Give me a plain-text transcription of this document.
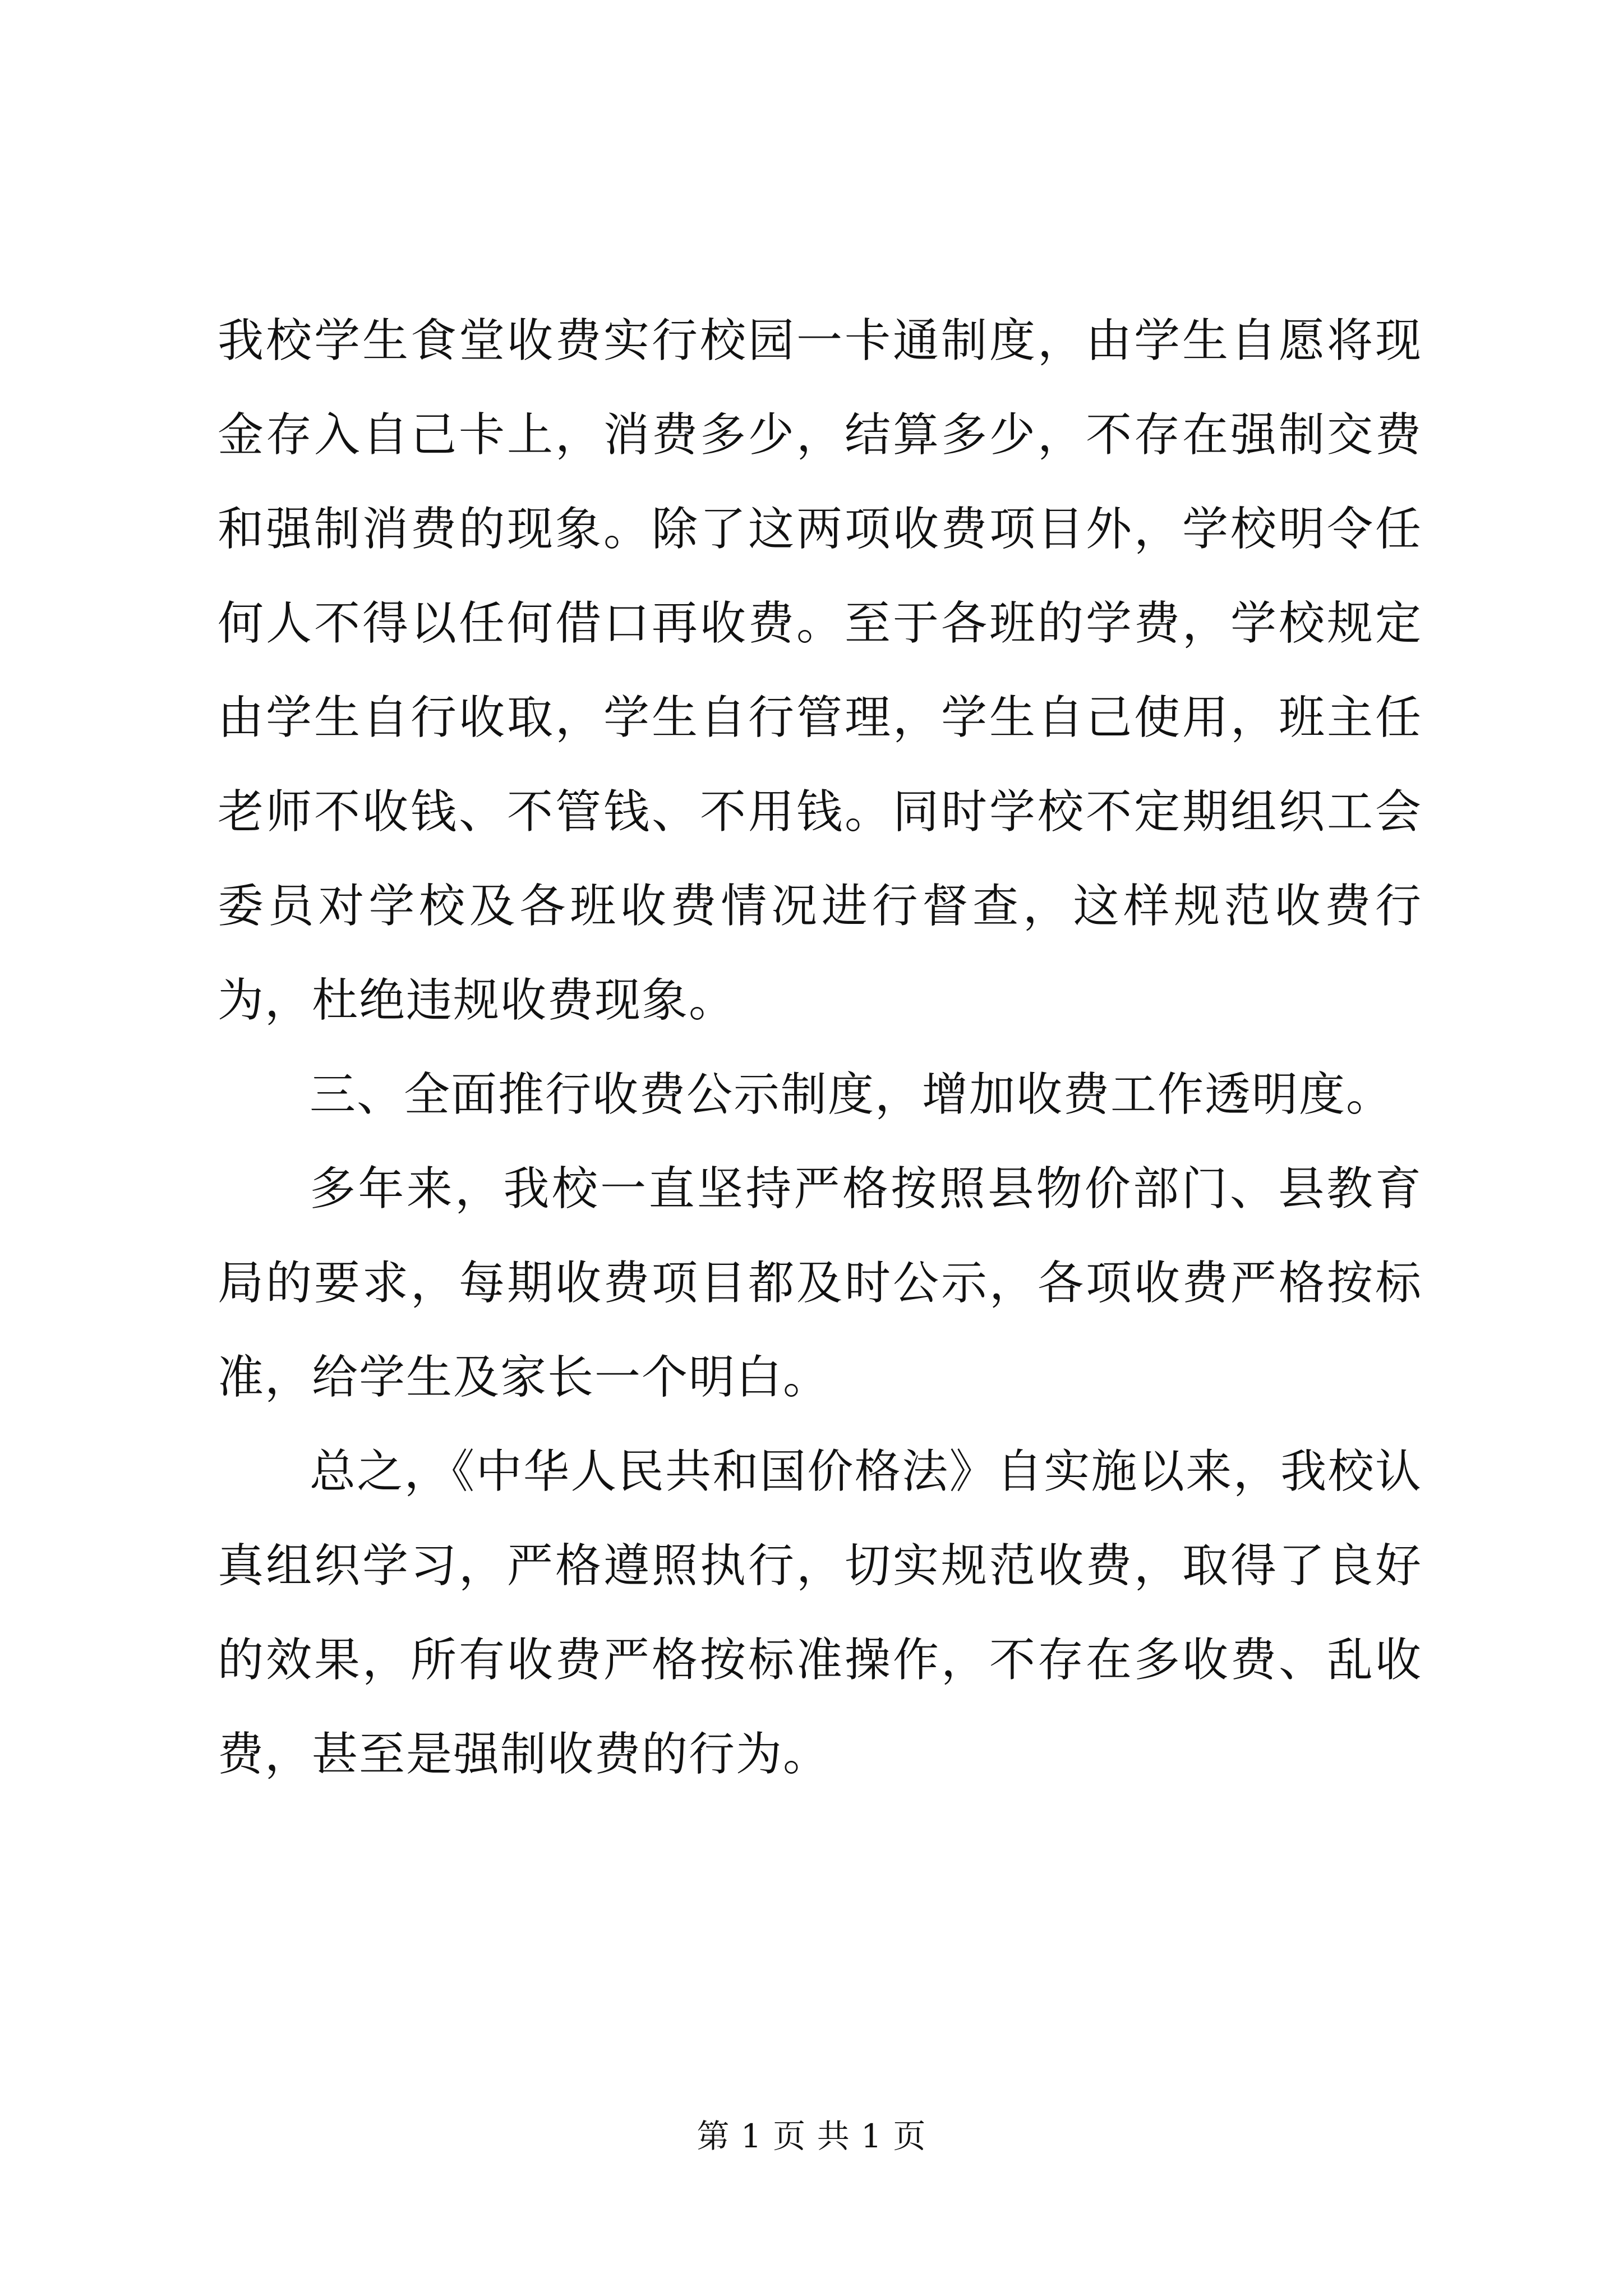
我校学生食堂收费实行校园一卡通制度，由学生自愿将现金存入自己卡上，消费多少，结算多少，不存在强制交费和强制消费的现象。除了这两项收费项目外，学校明令任何人不得以任何借口再收费。至于各班的学费，学校规定由学生自行收取，学生自行管理，学生自己使用，班主任老师不收钱、不管钱、不用钱。同时学校不定期组织工会委员对学校及各班收费情况进行督查，这样规范收费行为，杜绝违规收费现象。

三、全面推行收费公示制度，增加收费工作透明度。

多年来，我校一直坚持严格按照县物价部门、县教育局的要求，每期收费项目都及时公示，各项收费严格按标准，给学生及家长一个明白。

总之，《中华人民共和国价格法》自实施以来，我校认真组织学习，严格遵照执行，切实规范收费，取得了良好的效果，所有收费严格按标准操作，不存在多收费、乱收费，甚至是强制收费的行为。

第 1 页 共 1 页
